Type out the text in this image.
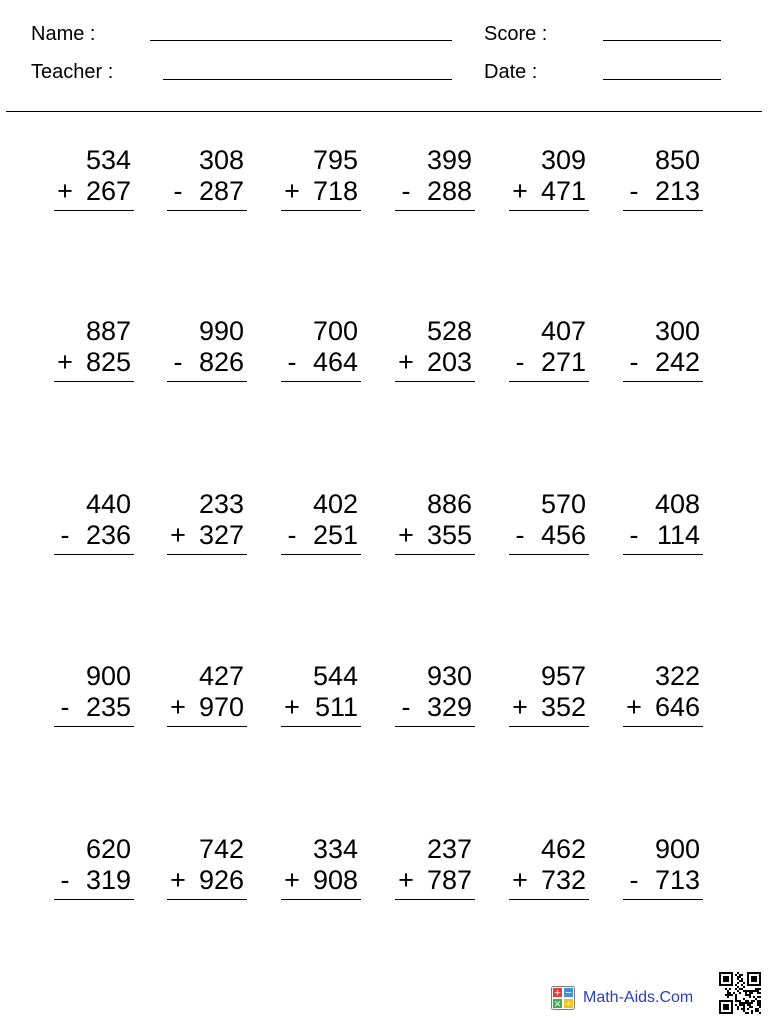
Name :
Teacher :
Score :
Date :
534
+ 267
308
- 287
795
+ 718
399
- 288
309
+ 471
850
- 213
887
+ 825
990
- 826
700
- 464
528
+ 203
407
- 271
300
- 242
440
- 236
233
+ 327
402
- 251
886
+ 355
570
- 456
408
- 114
900
- 235
427
+ 970
544
+ 511
930
- 329
957
+ 352
322
+ 646
620
- 319
742
+ 926
334
+ 908
237
+ 787
462
+ 732
900
- 713
+ −
× ÷ Math-Aids.Com
